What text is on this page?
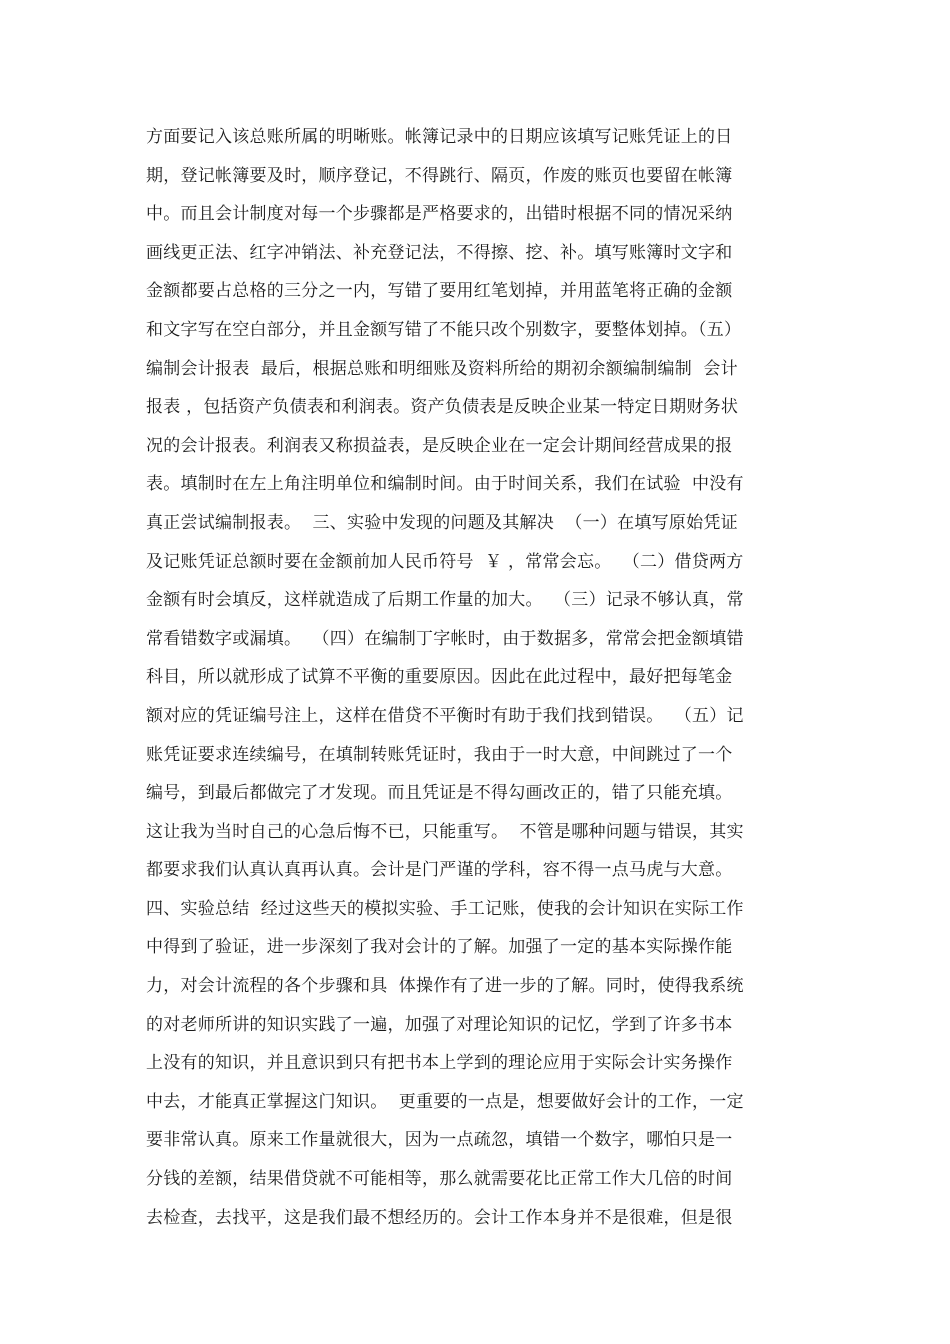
方面要记入该总账所属的明晰账。帐簿记录中的日期应该填写记账凭证上的日
期，登记帐簿要及时，顺序登记，不得跳行、隔页，作废的账页也要留在帐簿
中。而且会计制度对每一个步骤都是严格要求的，出错时根据不同的情况采纳
画线更正法、红字冲销法、补充登记法，不得擦、挖、补。填写账簿时文字和
金额都要占总格的三分之一内，写错了要用红笔划掉，并用蓝笔将正确的金额
和文字写在空白部分，并且金额写错了不能只改个别数字，要整体划掉。（五）
编制会计报表  最后，根据总账和明细账及资料所给的期初余额编制编制  会计
报表 ，包括资产负债表和利润表。资产负债表是反映企业某一特定日期财务状
况的会计报表。利润表又称损益表，是反映企业在一定会计期间经营成果的报
表。填制时在左上角注明单位和编制时间。由于时间关系，我们在试验  中没有
真正尝试编制报表。  三、实验中发现的问题及其解决  （一）在填写原始凭证
及记账凭证总额时要在金额前加人民币符号  ￥ ，常常会忘。  （二）借贷两方
金额有时会填反，这样就造成了后期工作量的加大。  （三）记录不够认真，常
常看错数字或漏填。  （四）在编制丁字帐时，由于数据多，常常会把金额填错
科目，所以就形成了试算不平衡的重要原因。因此在此过程中，最好把每笔金
额对应的凭证编号注上，这样在借贷不平衡时有助于我们找到错误。  （五）记
账凭证要求连续编号，在填制转账凭证时，我由于一时大意，中间跳过了一个
编号，到最后都做完了才发现。而且凭证是不得勾画改正的，错了只能充填。
这让我为当时自己的心急后悔不已，只能重写。  不管是哪种问题与错误，其实
都要求我们认真认真再认真。会计是门严谨的学科，容不得一点马虎与大意。
四、实验总结  经过这些天的模拟实验、手工记账，使我的会计知识在实际工作
中得到了验证，进一步深刻了我对会计的了解。加强了一定的基本实际操作能
力，对会计流程的各个步骤和具  体操作有了进一步的了解。同时，使得我系统
的对老师所讲的知识实践了一遍，加强了对理论知识的记忆，学到了许多书本
上没有的知识，并且意识到只有把书本上学到的理论应用于实际会计实务操作
中去，才能真正掌握这门知识。  更重要的一点是，想要做好会计的工作，一定
要非常认真。原来工作量就很大，因为一点疏忽，填错一个数字，哪怕只是一
分钱的差额，结果借贷就不可能相等，那么就需要花比正常工作大几倍的时间
去检查，去找平，这是我们最不想经历的。会计工作本身并不是很难，但是很
